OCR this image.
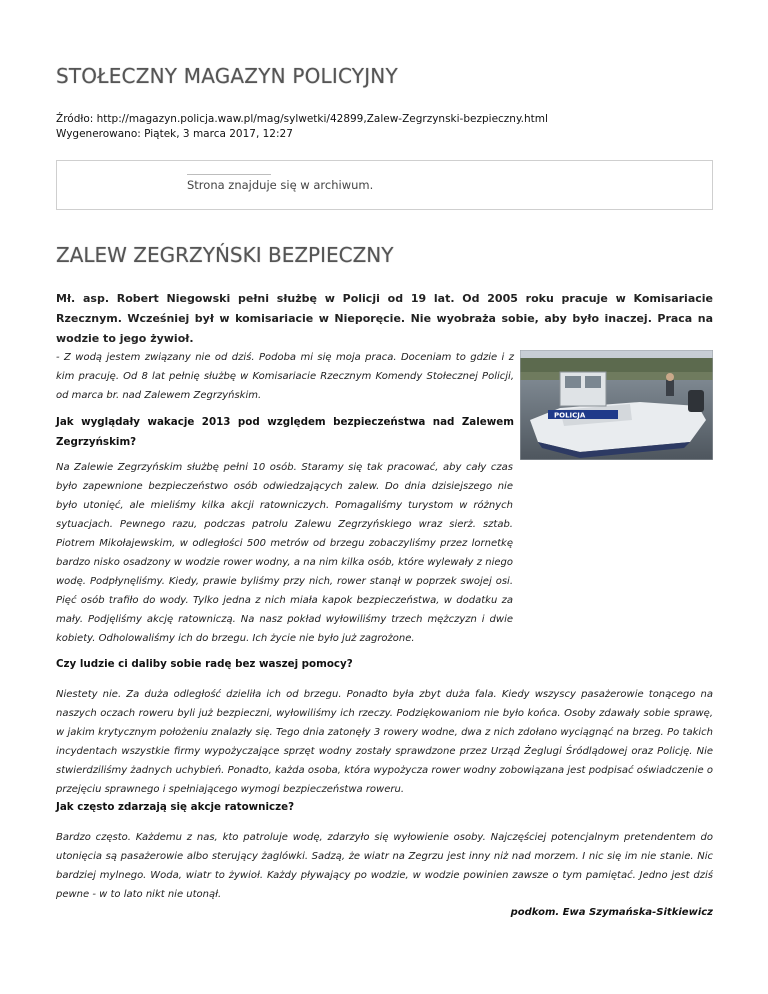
STOŁECZNY MAGAZYN POLICYJNY
Źródło: http://magazyn.policja.waw.pl/mag/sylwetki/42899,Zalew-Zegrzynski-bezpieczny.html
Wygenerowano: Piątek, 3 marca 2017, 12:27
Strona znajduje się w archiwum.
ZALEW ZEGRZYŃSKI BEZPIECZNY

Mł. asp. Robert Niegowski pełni służbę w Policji od 19 lat. Od 2005 roku pracuje w Komisariacie Rzecznym. Wcześniej był w komisariacie w Nieporęcie. Nie wyobraża sobie, aby było inaczej. Praca na wodzie to jego żywioł.

POLICJA

- Z wodą jestem związany nie od dziś. Podoba mi się moja praca. Doceniam to gdzie i z kim pracuję. Od 8 lat pełnię służbę w Komisariacie Rzecznym Komendy Stołecznej Policji, od marca br. nad Zalewem Zegrzyńskim.

Jak wyglądały wakacje 2013 pod względem bezpieczeństwa nad Zalewem Zegrzyńskim?

Na Zalewie Zegrzyńskim służbę pełni 10 osób. Staramy się tak pracować, aby cały czas było zapewnione bezpieczeństwo osób odwiedzających zalew. Do dnia dzisiejszego nie było utonięć, ale mieliśmy kilka akcji ratowniczych. Pomagaliśmy turystom w różnych sytuacjach. Pewnego razu, podczas patrolu Zalewu Zegrzyńskiego wraz sierż. sztab. Piotrem Mikołajewskim, w odległości 500 metrów od brzegu zobaczyliśmy przez lornetkę bardzo nisko osadzony w wodzie rower wodny, a na nim kilka osób, które wylewały z niego wodę. Podpłynęliśmy. Kiedy, prawie byliśmy przy nich, rower stanął w poprzek swojej osi. Pięć osób trafiło do wody. Tylko jedna z nich miała kapok bezpieczeństwa, w dodatku za mały. Podjęliśmy akcję ratowniczą. Na nasz pokład wyłowiliśmy trzech mężczyzn i dwie kobiety. Odholowaliśmy ich do brzegu. Ich życie nie było już zagrożone.

Czy ludzie ci daliby sobie radę bez waszej pomocy?

Niestety nie. Za duża odległość dzieliła ich od brzegu. Ponadto była zbyt duża fala. Kiedy wszyscy pasażerowie tonącego na naszych oczach roweru byli już bezpieczni, wyłowiliśmy ich rzeczy. Podziękowaniom nie było końca. Osoby zdawały sobie sprawę, w jakim krytycznym położeniu znalazły się. Tego dnia zatonęły 3 rowery wodne, dwa z nich zdołano wyciągnąć na brzeg. Po takich incydentach wszystkie firmy wypożyczające sprzęt wodny zostały sprawdzone przez Urząd Żeglugi Śródlądowej oraz Policję. Nie stwierdziliśmy żadnych uchybień. Ponadto, każda osoba, która wypożycza rower wodny zobowiązana jest podpisać oświadczenie o przejęciu sprawnego i spełniającego wymogi bezpieczeństwa roweru.

Jak często zdarzają się akcje ratownicze?

Bardzo często. Każdemu z nas, kto patroluje wodę, zdarzyło się wyłowienie osoby. Najczęściej potencjalnym pretendentem do utonięcia są pasażerowie albo sterujący żaglówki. Sadzą, że wiatr na Zegrzu jest inny niż nad morzem. I nic się im nie stanie. Nic bardziej mylnego. Woda, wiatr to żywioł. Każdy pływający po wodzie, w wodzie powinien zawsze o tym pamiętać. Jedno jest dziś pewne - w to lato nikt nie utonął.

podkom. Ewa Szymańska-Sitkiewicz
